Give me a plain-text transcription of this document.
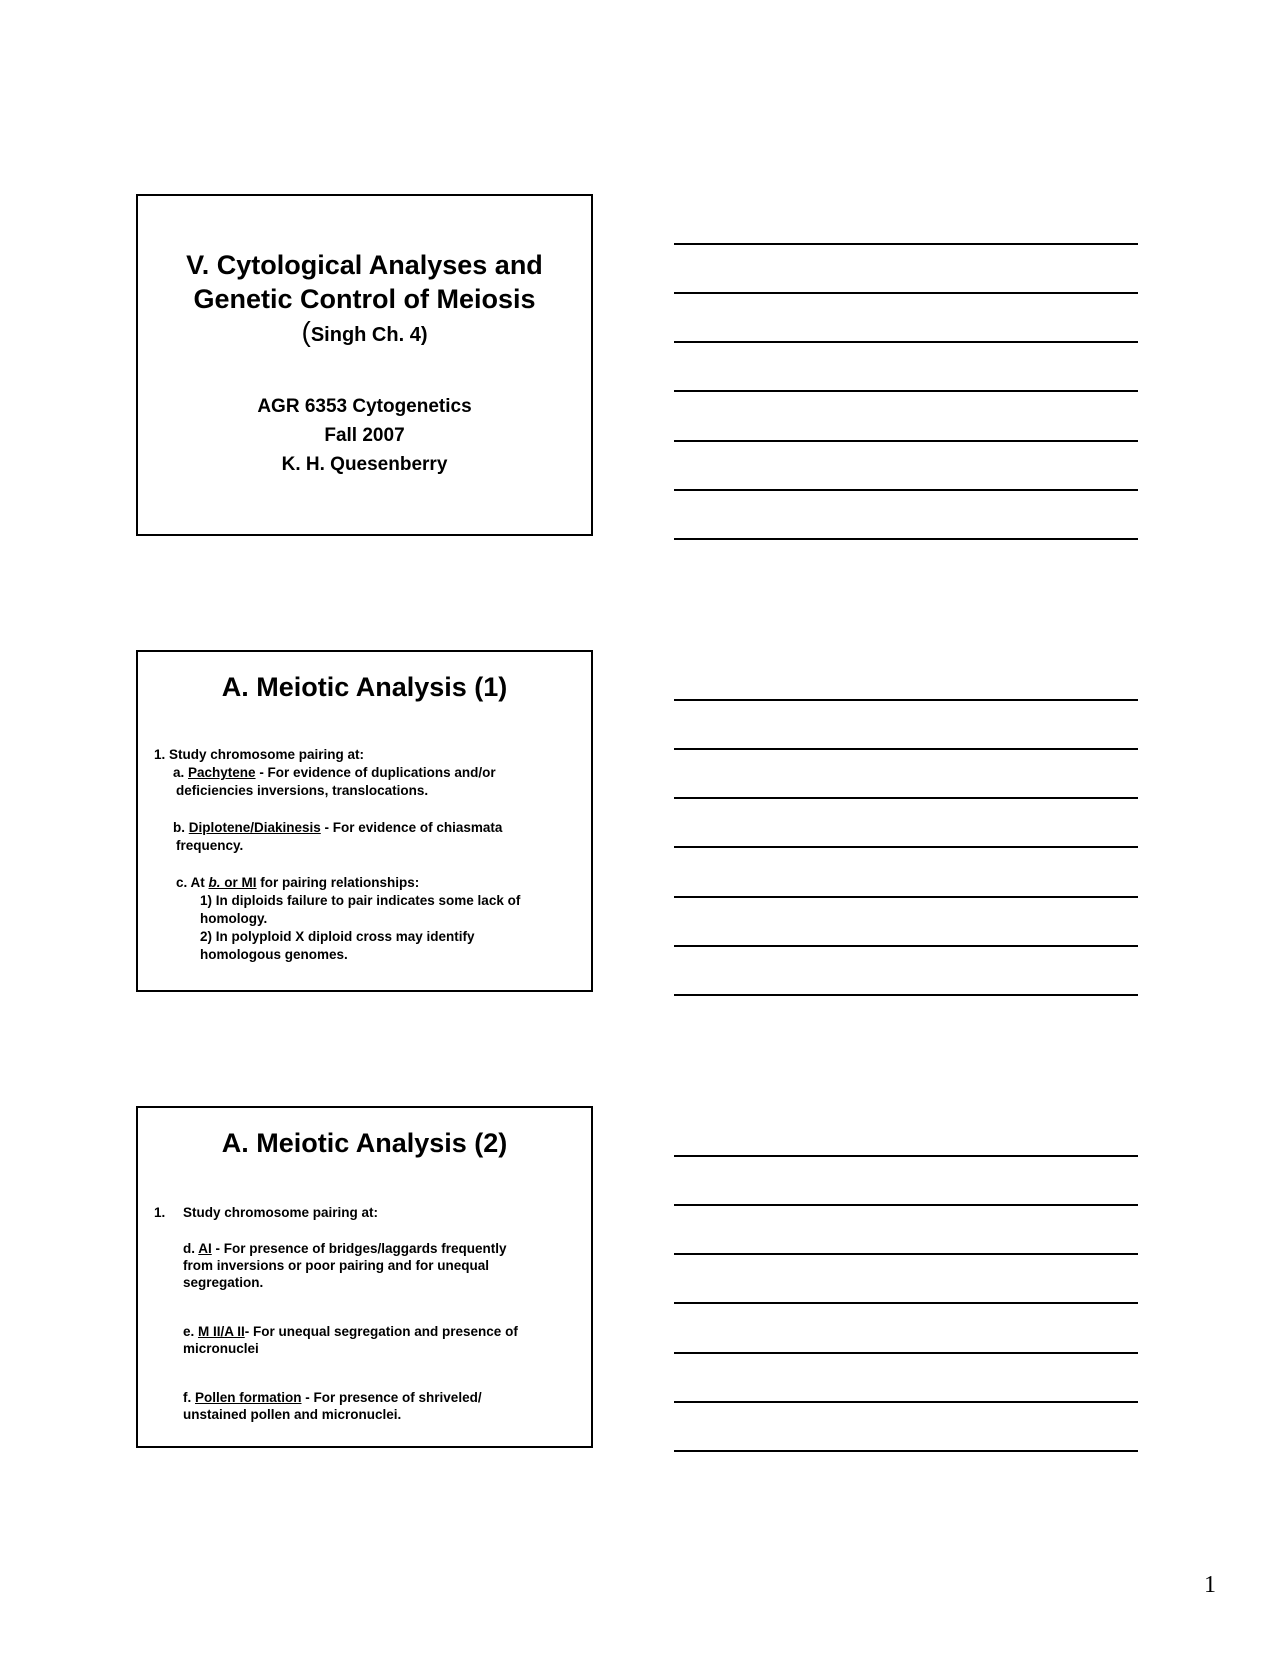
V. Cytological Analyses and
Genetic Control of Meiosis
(Singh Ch. 4)
AGR 6353 Cytogenetics
Fall 2007
K. H. Quesenberry
A. Meiotic Analysis (1)
1. Study chromosome pairing at:
a. Pachytene - For evidence of duplications and/or
deficiencies inversions, translocations.
b. Diplotene/Diakinesis - For evidence of chiasmata
frequency.
c. At b. or MI for pairing relationships:
1) In diploids failure to pair indicates some lack of
homology.
2) In polyploid X diploid cross may identify
homologous genomes.
A. Meiotic Analysis (2)
1. Study chromosome pairing at:
d. AI - For presence of bridges/laggards frequently
from inversions or poor pairing and for unequal
segregation.
e. M II/A II- For unequal segregation and presence of
micronuclei
f. Pollen formation - For presence of shriveled/
unstained pollen and micronuclei.
1
